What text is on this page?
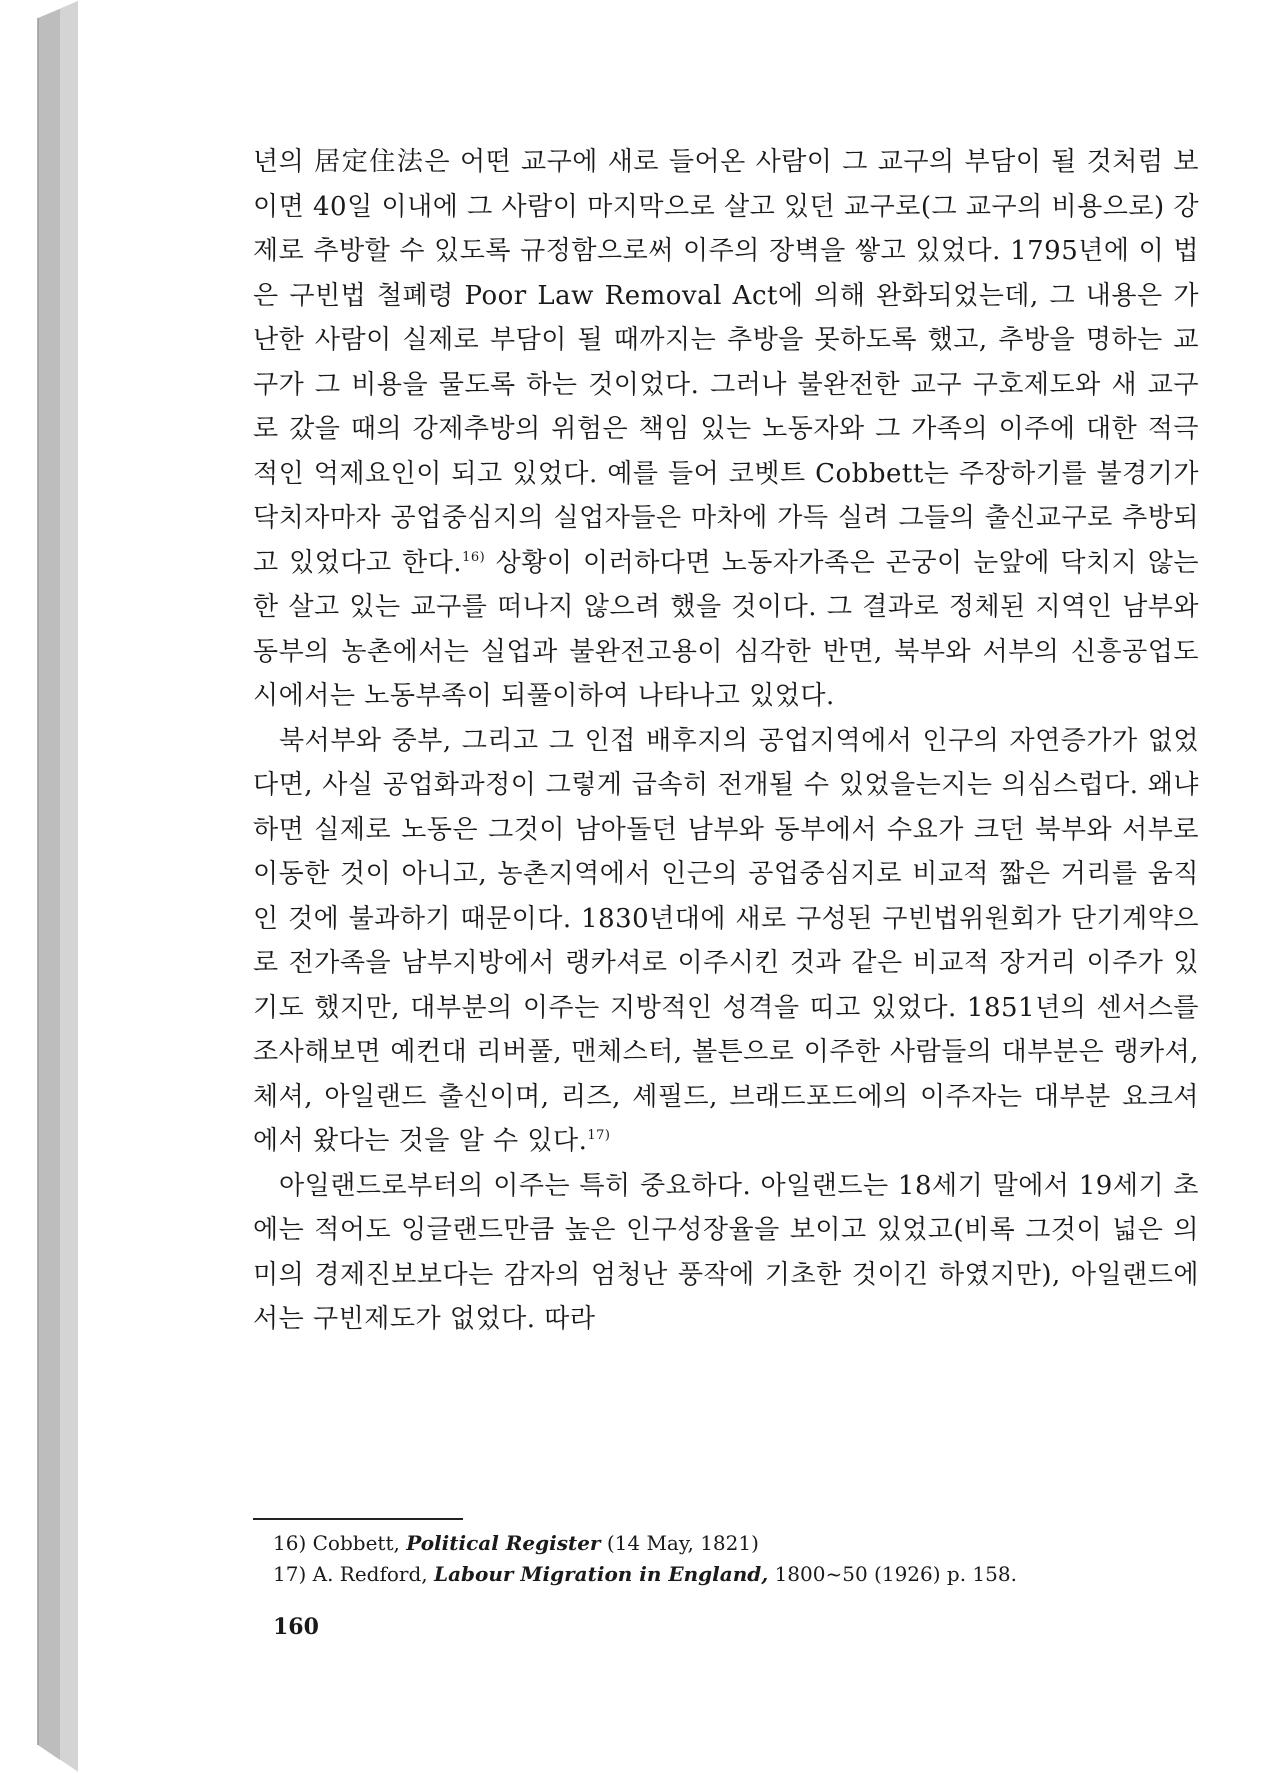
년의 居定住法은 어떤 교구에 새로 들어온 사람이 그 교구의 부담이 될 것처럼 보이면 40일 이내에 그 사람이 마지막으로 살고 있던 교구로(그 교구의 비용으로) 강제로 추방할 수 있도록 규정함으로써 이주의 장벽을 쌓고 있었다. 1795년에 이 법은 구빈법 철폐령 Poor Law Removal Act에 의해 완화되었는데, 그 내용은 가난한 사람이 실제로 부담이 될 때까지는 추방을 못하도록 했고, 추방을 명하는 교구가 그 비용을 물도록 하는 것이었다. 그러나 불완전한 교구 구호제도와 새 교구로 갔을 때의 강제추방의 위험은 책임 있는 노동자와 그 가족의 이주에 대한 적극적인 억제요인이 되고 있었다. 예를 들어 코벳트 Cobbett는 주장하기를 불경기가 닥치자마자 공업중심지의 실업자들은 마차에 가득 실려 그들의 출신교구로 추방되고 있었다고 한다.$^{16)}$ 상황이 이러하다면 노동자가족은 곤궁이 눈앞에 닥치지 않는 한 살고 있는 교구를 떠나지 않으려 했을 것이다. 그 결과로 정체된 지역인 남부와 동부의 농촌에서는 실업과 불완전고용이 심각한 반면, 북부와 서부의 신흥공업도시에서는 노동부족이 되풀이하여 나타나고 있었다.

북서부와 중부, 그리고 그 인접 배후지의 공업지역에서 인구의 자연증가가 없었다면, 사실 공업화과정이 그렇게 급속히 전개될 수 있었을는지는 의심스럽다. 왜냐하면 실제로 노동은 그것이 남아돌던 남부와 동부에서 수요가 크던 북부와 서부로 이동한 것이 아니고, 농촌지역에서 인근의 공업중심지로 비교적 짧은 거리를 움직인 것에 불과하기 때문이다. 1830년대에 새로 구성된 구빈법위원회가 단기계약으로 전가족을 남부지방에서 랭카셔로 이주시킨 것과 같은 비교적 장거리 이주가 있기도 했지만, 대부분의 이주는 지방적인 성격을 띠고 있었다. 1851년의 센서스를 조사해보면 예컨대 리버풀, 맨체스터, 볼튼으로 이주한 사람들의 대부분은 랭카셔, 체셔, 아일랜드 출신이며, 리즈, 셰필드, 브래드포드에의 이주자는 대부분 요크셔에서 왔다는 것을 알 수 있다.$^{17)}$

아일랜드로부터의 이주는 특히 중요하다. 아일랜드는 18세기 말에서 19세기 초에는 적어도 잉글랜드만큼 높은 인구성장율을 보이고 있었고(비록 그것이 넓은 의미의 경제진보보다는 감자의 엄청난 풍작에 기초한 것이긴 하였지만), 아일랜드에서는 구빈제도가 없었다. 따라

16) Cobbett, Political Register (14 May, 1821)
17) A. Redford, Labour Migration in England, 1800~50 (1926) p. 158.
160
